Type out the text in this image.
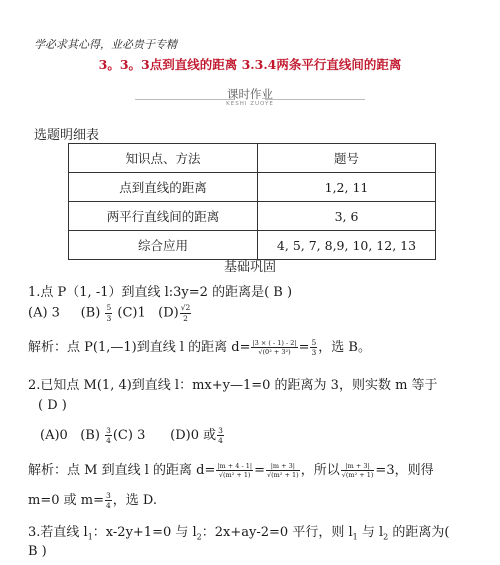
学必求其心得，业必贵于专精
3。3。3点到直线的距离 3.3.4两条平行直线间的距离
课时作业
KESHI ZUOYE
选题明细表
知识点、方法	题号
点到直线的距离	1,2, 11
两平行直线间的距离	3, 6
综合应用	4, 5, 7, 8,9, 10, 12, 13
基础巩固
1.点 P（1, -1）到直线 l:3y=2 的距离是( B )
(A) 3 $(B) \frac{5}{3} (C)1$ $(D) \frac{√2}{2}$
解析：点 P(1,—1)到直线 l 的距离 $d= \frac{|3 \times ( - 1) - 2|}{\text{√(0² + 3²)}} = \frac{5}{3}$ ，选 B。
2.已知点 M(1, 4)到直线 l：mx+y—1=0 的距离为 3，则实数 m 等于
( D )
(A)0 $(B) \frac{3}{4} (C)$ 3 (D)0 或 $\frac{3}{4}$
解析：点 M 到直线 l 的距离 $d= \frac{|m + 4 - 1|}{\text{√(m² + 1)}} = \frac{|m + 3|}{\text{√(m² + 1)}}$ ，所以 $\frac{|m + 3|}{\text{√(m² + 1)}} =3$，则得
m=0 或 $m= \frac{3}{4}$ ，选 D.
3.若直线 $l_1$：x-2y+1=0 与 $l_2$：2x+ay-2=0 平行，则 $l_1$ 与 $l_2$ 的距离为(
B )
